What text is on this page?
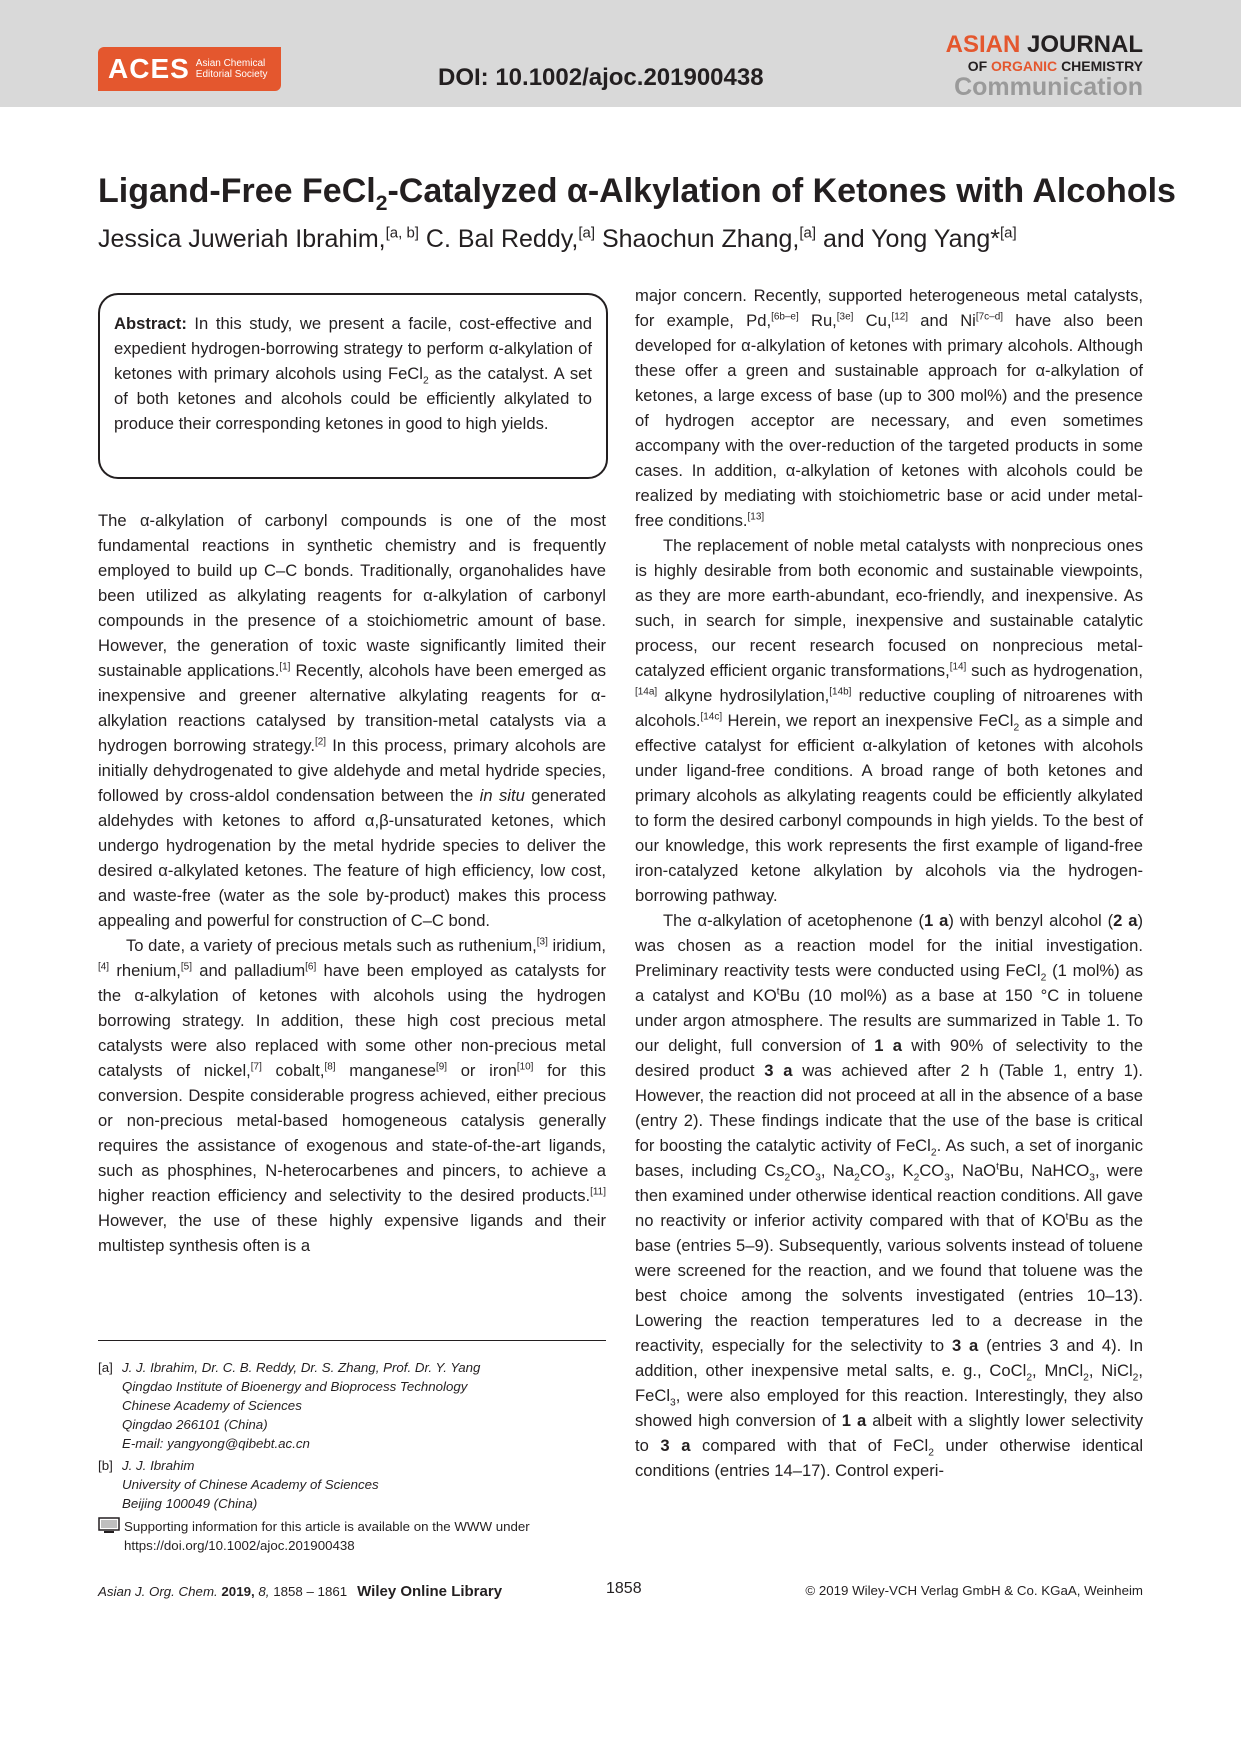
ACES Asian Chemical
Editorial Society	DOI: 10.1002/ajoc.201900438
ASIAN JOURNAL
OF ORGANIC CHEMISTRY
Communication
Ligand-Free FeCl$_2$-Catalyzed α-Alkylation of Ketones with Alcohols
Jessica Juweriah Ibrahim,[a, b] C. Bal Reddy,[a] Shaochun Zhang,[a] and Yong Yang*[a]

Abstract: In this study, we present a facile, cost-effective and expedient hydrogen-borrowing strategy to perform α-alkylation of ketones with primary alcohols using FeCl$_2$ as the catalyst. A set of both ketones and alcohols could be efficiently alkylated to produce their corresponding ketones in good to high yields.

The α-alkylation of carbonyl compounds is one of the most fundamental reactions in synthetic chemistry and is frequently employed to build up C–C bonds. Traditionally, organohalides have been utilized as alkylating reagents for α-alkylation of carbonyl compounds in the presence of a stoichiometric amount of base. However, the generation of toxic waste significantly limited their sustainable applications.[1] Recently, alcohols have been emerged as inexpensive and greener alternative alkylating reagents for α-alkylation reactions catalysed by transition-metal catalysts via a hydrogen borrowing strategy.[2] In this process, primary alcohols are initially dehydrogenated to give aldehyde and metal hydride species, followed by cross-aldol condensation between the in situ generated aldehydes with ketones to afford α,β-unsaturated ketones, which undergo hydrogenation by the metal hydride species to deliver the desired α-alkylated ketones. The feature of high efficiency, low cost, and waste-free (water as the sole by-product) makes this process appealing and powerful for construction of C–C bond.

To date, a variety of precious metals such as ruthenium,[3] iridium,[4] rhenium,[5] and palladium[6] have been employed as catalysts for the α-alkylation of ketones with alcohols using the hydrogen borrowing strategy. In addition, these high cost precious metal catalysts were also replaced with some other non-precious metal catalysts of nickel,[7] cobalt,[8] manganese[9] or iron[10] for this conversion. Despite considerable progress achieved, either precious or non-precious metal-based homogeneous catalysis generally requires the assistance of exogenous and state-of-the-art ligands, such as phosphines, N-heterocarbenes and pincers, to achieve a higher reaction efficiency and selectivity to the desired products.[11] However, the use of these highly expensive ligands and their multistep synthesis often is a

major concern. Recently, supported heterogeneous metal catalysts, for example, Pd,[6b–e] Ru,[3e] Cu,[12] and Ni[7c–d] have also been developed for α-alkylation of ketones with primary alcohols. Although these offer a green and sustainable approach for α-alkylation of ketones, a large excess of base (up to 300 mol%) and the presence of hydrogen acceptor are necessary, and even sometimes accompany with the over-reduction of the targeted products in some cases. In addition, α-alkylation of ketones with alcohols could be realized by mediating with stoichiometric base or acid under metal-free conditions.[13]

The replacement of noble metal catalysts with nonprecious ones is highly desirable from both economic and sustainable viewpoints, as they are more earth-abundant, eco-friendly, and inexpensive. As such, in search for simple, inexpensive and sustainable catalytic process, our recent research focused on nonprecious metal-catalyzed efficient organic transformations,[14] such as hydrogenation,[14a] alkyne hydrosilylation,[14b] reductive coupling of nitroarenes with alcohols.[14c] Herein, we report an inexpensive FeCl$_2$ as a simple and effective catalyst for efficient α-alkylation of ketones with alcohols under ligand-free conditions. A broad range of both ketones and primary alcohols as alkylating reagents could be efficiently alkylated to form the desired carbonyl compounds in high yields. To the best of our knowledge, this work represents the first example of ligand-free iron-catalyzed ketone alkylation by alcohols via the hydrogen-borrowing pathway.

The α-alkylation of acetophenone (1 a) with benzyl alcohol (2 a) was chosen as a reaction model for the initial investigation. Preliminary reactivity tests were conducted using FeCl$_2$ (1 mol%) as a catalyst and $KO^tBu$ (10 mol%) as a base at 150 °C in toluene under argon atmosphere. The results are summarized in Table 1. To our delight, full conversion of 1 a with 90% of selectivity to the desired product 3 a was achieved after 2 h (Table 1, entry 1). However, the reaction did not proceed at all in the absence of a base (entry 2). These findings indicate that the use of the base is critical for boosting the catalytic activity of FeCl$_2$. As such, a set of inorganic bases, including $Cs_2CO_3$, $Na_2CO_3$, $K_2CO_3$, NaO$^t$Bu, NaHCO$_3$, were then examined under otherwise identical reaction conditions. All gave no reactivity or inferior activity compared with that of $KO^tBu$ as the base (entries 5–9). Subsequently, various solvents instead of toluene were screened for the reaction, and we found that toluene was the best choice among the solvents investigated (entries 10–13). Lowering the reaction temperatures led to a decrease in the reactivity, especially for the selectivity to 3 a (entries 3 and 4). In addition, other inexpensive metal salts, e. g., CoCl$_2$, MnCl$_2$, NiCl$_2$, FeCl$_3$, were also employed for this reaction. Interestingly, they also showed high conversion of 1 a albeit with a slightly lower selectivity to 3 a compared with that of FeCl$_2$ under otherwise identical conditions (entries 14–17). Control experi-

[a] J. J. Ibrahim, Dr. C. B. Reddy, Dr. S. Zhang, Prof. Dr. Y. Yang
Qingdao Institute of Bioenergy and Bioprocess Technology
Chinese Academy of Sciences
Qingdao 266101 (China)
E-mail: yangyong@qibebt.ac.cn
[b] J. J. Ibrahim
University of Chinese Academy of Sciences
Beijing 100049 (China)
Supporting information for this article is available on the WWW under https://doi.org/10.1002/ajoc.201900438
Asian J. Org. Chem. 2019, 8, 1858 – 1861 Wiley Online Library	1858	© 2019 Wiley-VCH Verlag GmbH & Co. KGaA, Weinheim
